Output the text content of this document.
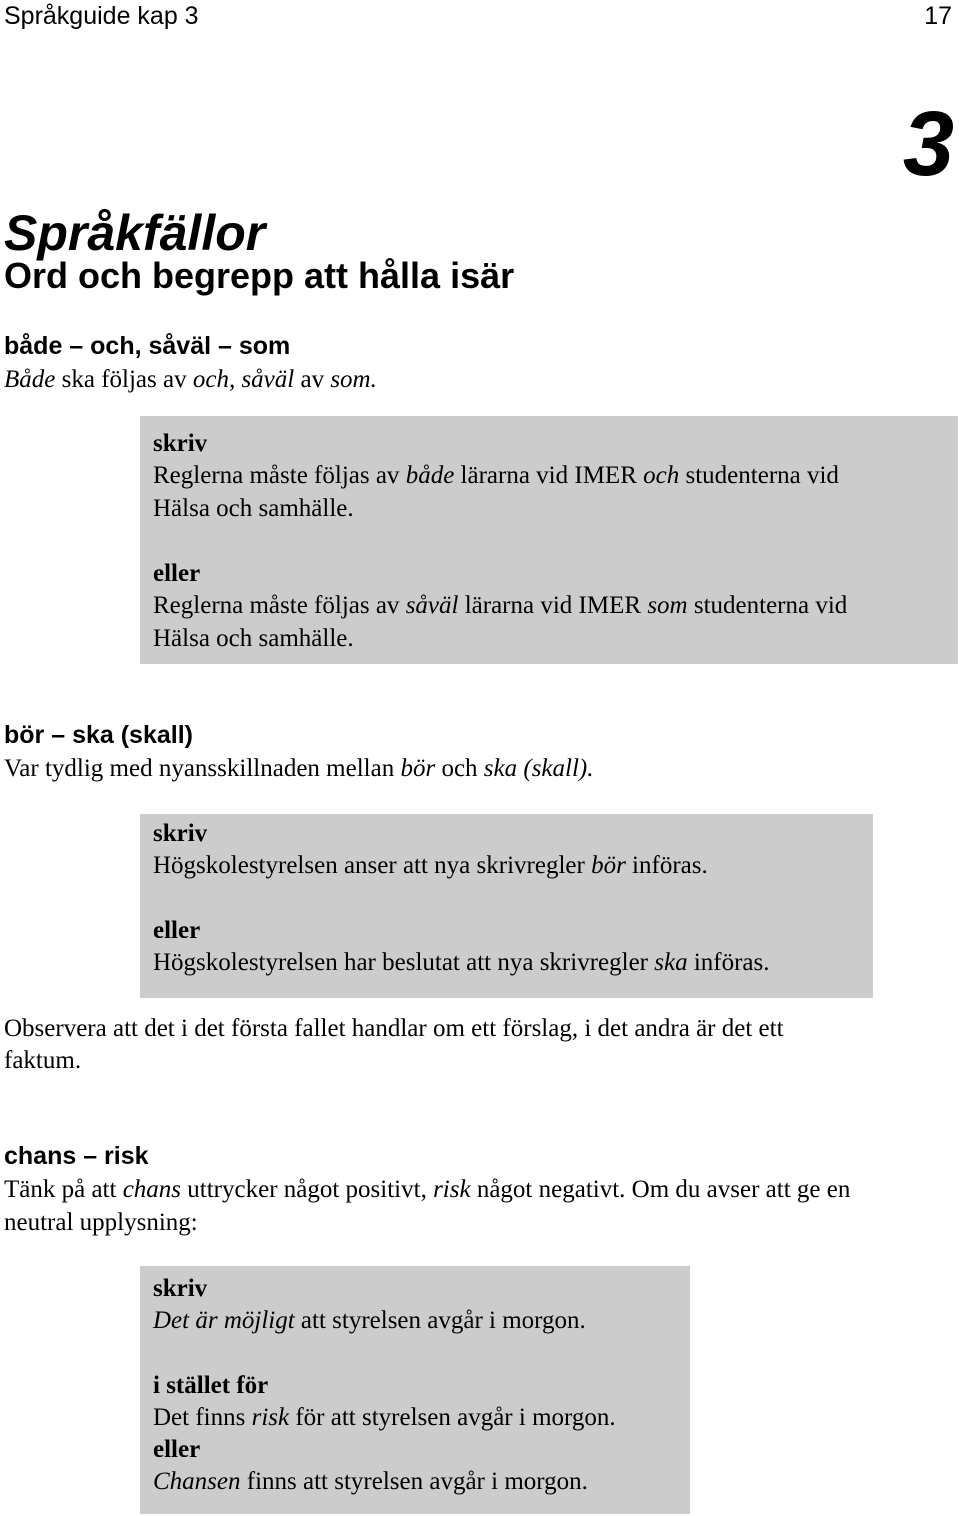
Språkguide kap 3	17
3
Språkfällor
Ord och begrepp att hålla isär
både – och, såväl – som
Både ska följas av och, såväl av som.
skriv
Reglerna måste följas av både lärarna vid IMER och studenterna vid
Hälsa och samhälle.
eller
Reglerna måste följas av såväl lärarna vid IMER som studenterna vid
Hälsa och samhälle.
bör – ska (skall)
Var tydlig med nyansskillnaden mellan bör och ska (skall).
skriv
Högskolestyrelsen anser att nya skrivregler bör införas.
eller
Högskolestyrelsen har beslutat att nya skrivregler ska införas.
Observera att det i det första fallet handlar om ett förslag, i det andra är det ett
faktum.
chans – risk
Tänk på att chans uttrycker något positivt, risk något negativt. Om du avser att ge en
neutral upplysning:
skriv
Det är möjligt att styrelsen avgår i morgon.
i stället för
Det finns risk för att styrelsen avgår i morgon.
eller
Chansen finns att styrelsen avgår i morgon.
